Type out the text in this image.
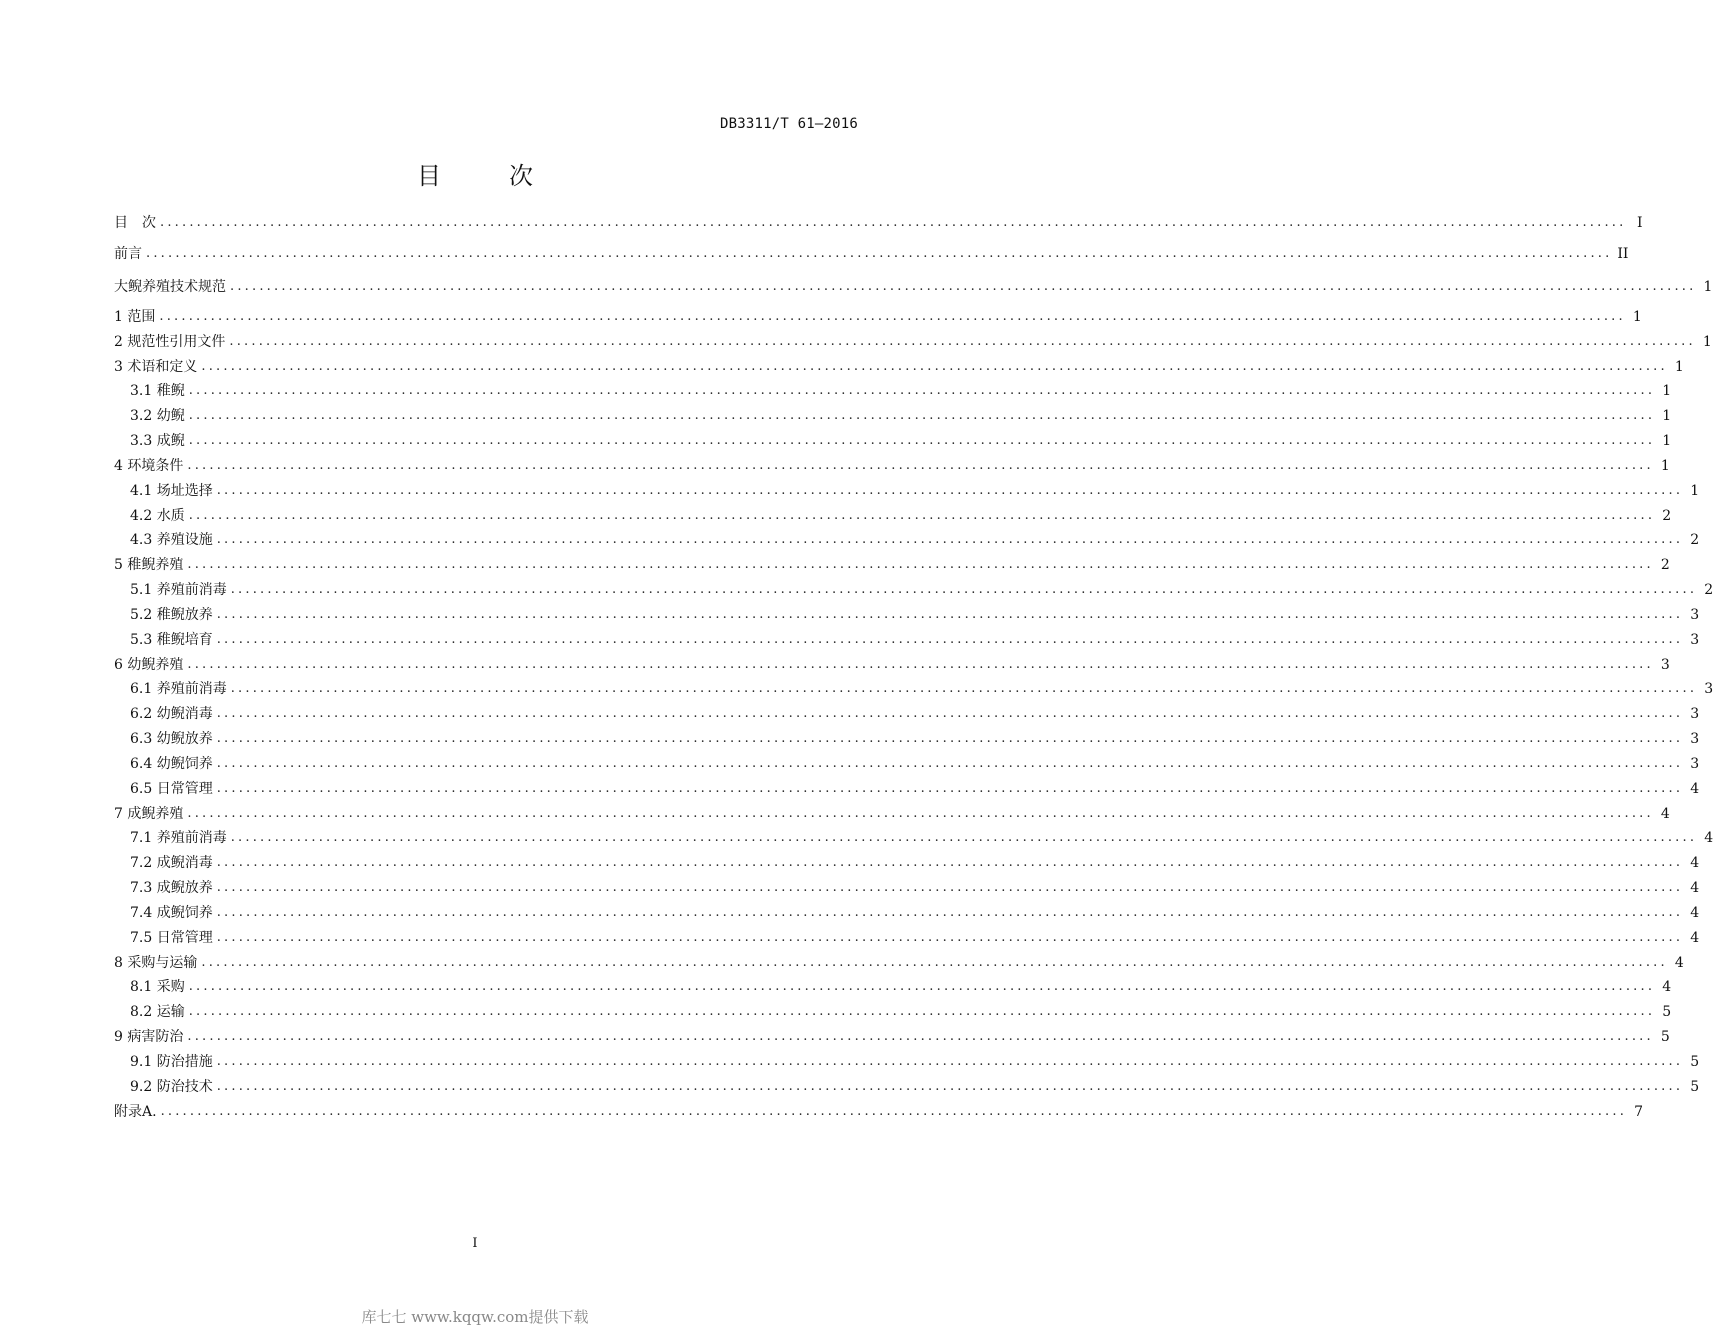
DB3311/T 61—2016
目　次
目　次 ........................................................................................................................................................................................................ I
前言 ........................................................................................................................................................................................................ II
大鲵养殖技术规范 ........................................................................................................................................................................................................ 1
1 范围 ........................................................................................................................................................................................................ 1
2 规范性引用文件 ........................................................................................................................................................................................................ 1
3 术语和定义 ........................................................................................................................................................................................................ 1
3.1 稚鲵 ........................................................................................................................................................................................................ 1
3.2 幼鲵 ........................................................................................................................................................................................................ 1
3.3 成鲵 ........................................................................................................................................................................................................ 1
4 环境条件 ........................................................................................................................................................................................................ 1
4.1 场址选择 ........................................................................................................................................................................................................ 1
4.2 水质 ........................................................................................................................................................................................................ 2
4.3 养殖设施 ........................................................................................................................................................................................................ 2
5 稚鲵养殖 ........................................................................................................................................................................................................ 2
5.1 养殖前消毒 ........................................................................................................................................................................................................ 2
5.2 稚鲵放养 ........................................................................................................................................................................................................ 3
5.3 稚鲵培育 ........................................................................................................................................................................................................ 3
6 幼鲵养殖 ........................................................................................................................................................................................................ 3
6.1 养殖前消毒 ........................................................................................................................................................................................................ 3
6.2 幼鲵消毒 ........................................................................................................................................................................................................ 3
6.3 幼鲵放养 ........................................................................................................................................................................................................ 3
6.4 幼鲵饲养 ........................................................................................................................................................................................................ 3
6.5 日常管理 ........................................................................................................................................................................................................ 4
7 成鲵养殖 ........................................................................................................................................................................................................ 4
7.1 养殖前消毒 ........................................................................................................................................................................................................ 4
7.2 成鲵消毒 ........................................................................................................................................................................................................ 4
7.3 成鲵放养 ........................................................................................................................................................................................................ 4
7.4 成鲵饲养 ........................................................................................................................................................................................................ 4
7.5 日常管理 ........................................................................................................................................................................................................ 4
8 采购与运输 ........................................................................................................................................................................................................ 4
8.1 采购 ........................................................................................................................................................................................................ 4
8.2 运输 ........................................................................................................................................................................................................ 5
9 病害防治 ........................................................................................................................................................................................................ 5
9.1 防治措施 ........................................................................................................................................................................................................ 5
9.2 防治技术 ........................................................................................................................................................................................................ 5
附录A. ........................................................................................................................................................................................................ 7
I
库七七 www.kqqw.com提供下载
